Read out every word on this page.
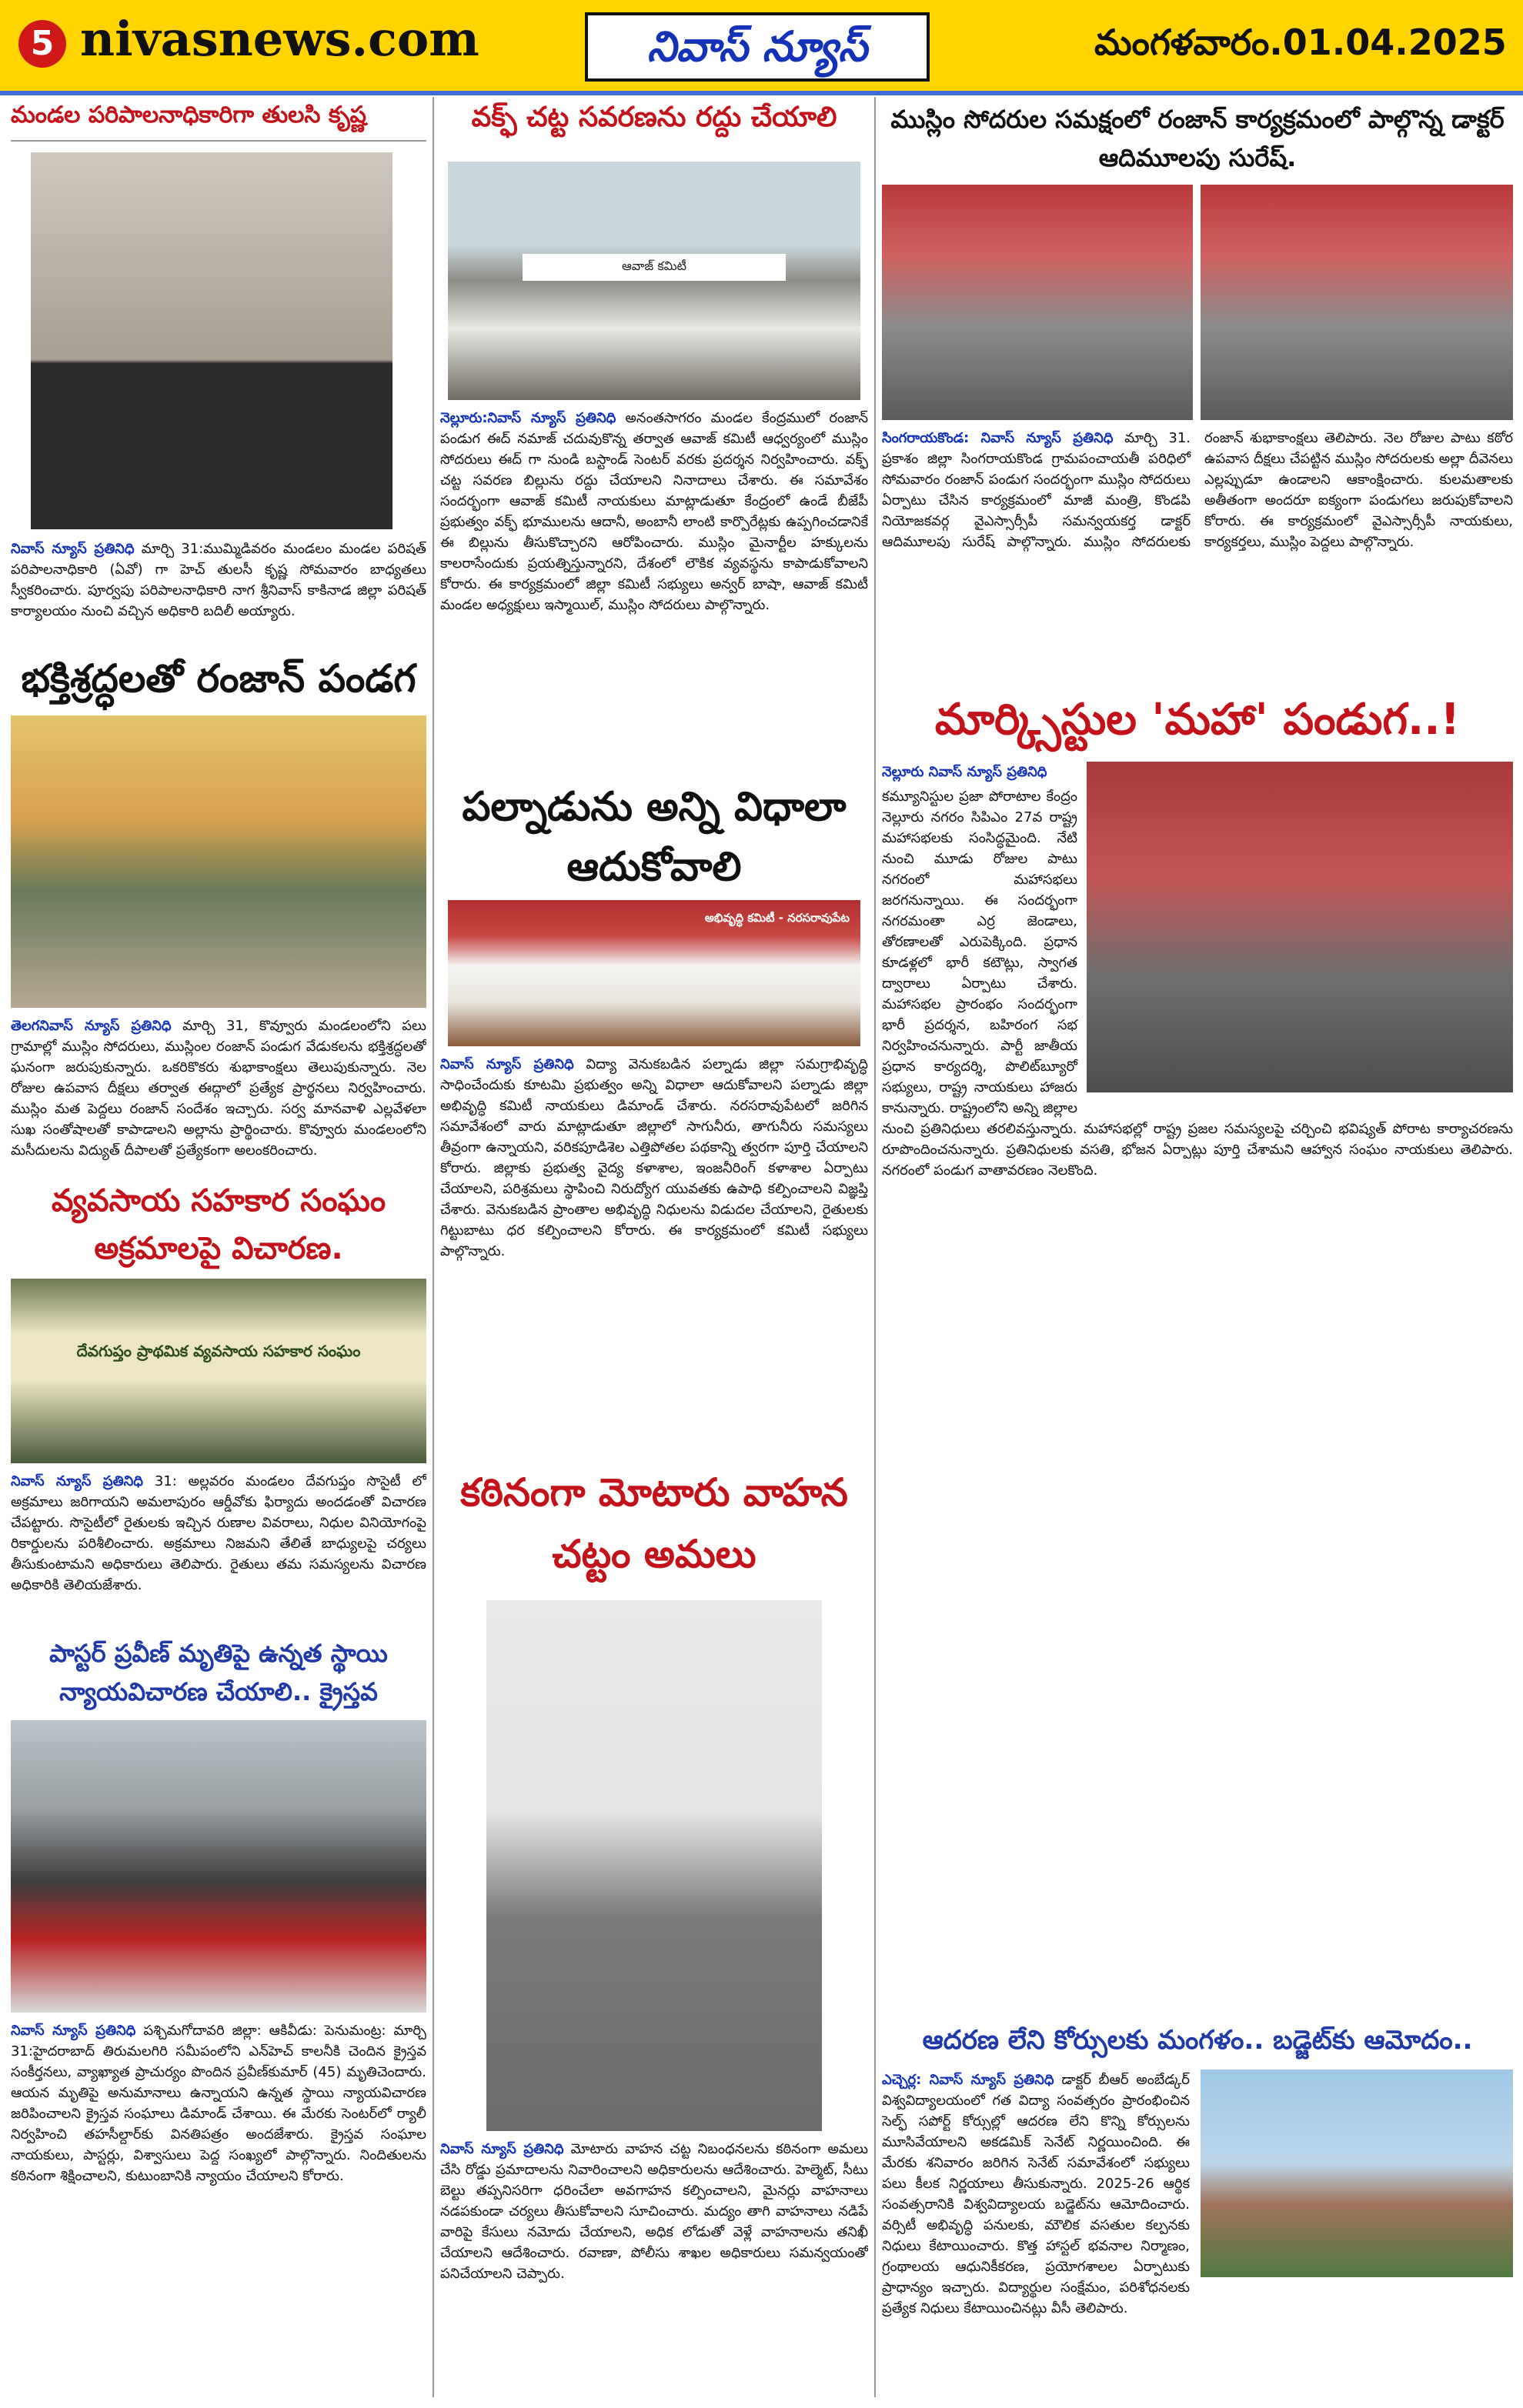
5 nivasnews.com	నివాస్ న్యూస్	మంగళవారం.01.04.2025
మండల పరిపాలనాధికారిగా తులసి కృష్ణ
నివాస్ న్యూస్ ప్రతినిధి మార్చి 31:ముమ్మిడివరం మండలం మండల పరిషత్ పరిపాలనాధికారి (ఏవో) గా హెచ్ తులసీ కృష్ణ సోమవారం బాధ్యతలు స్వీకరించారు. పూర్వపు పరిపాలనాధికారి నాగ శ్రీనివాస్ కాకినాడ జిల్లా పరిషత్ కార్యాలయం నుంచి వచ్చిన అధికారి బదిలీ అయ్యారు.
భక్తిశ్రద్ధలతో రంజాన్ పండగ
తెలగనివాస్ న్యూస్ ప్రతినిధి మార్చి 31, కొవ్వూరు మండలంలోని పలు గ్రామాల్లో ముస్లిం సోదరులు, ముస్లింల రంజాన్ పండుగ వేడుకలను భక్తిశ్రద్ధలతో ఘనంగా జరుపుకున్నారు. ఒకరికొకరు శుభాకాంక్షలు తెలుపుకున్నారు. నెల రోజుల ఉపవాస దీక్షలు తర్వాత ఈద్గాలో ప్రత్యేక ప్రార్థనలు నిర్వహించారు. ముస్లిం మత పెద్దలు రంజాన్ సందేశం ఇచ్చారు. సర్వ మానవాళి ఎల్లవేళలా సుఖ సంతోషాలతో కాపాడాలని అల్లాను ప్రార్థించారు. కొవ్వూరు మండలంలోని మసీదులను విద్యుత్ దీపాలతో ప్రత్యేకంగా అలంకరించారు.
వ్యవసాయ సహకార సంఘం అక్రమాలపై విచారణ.
దేవగుప్తం ప్రాథమిక వ్యవసాయ సహకార సంఘం
నివాస్ న్యూస్ ప్రతినిధి 31: అల్లవరం మండలం దేవగుప్తం సొసైటీ లో అక్రమాలు జరిగాయని అమలాపురం ఆర్డీవోకు ఫిర్యాదు అందడంతో విచారణ చేపట్టారు. సొసైటీలో రైతులకు ఇచ్చిన రుణాల వివరాలు, నిధుల వినియోగంపై రికార్డులను పరిశీలించారు. అక్రమాలు నిజమని తేలితే బాధ్యులపై చర్యలు తీసుకుంటామని అధికారులు తెలిపారు. రైతులు తమ సమస్యలను విచారణ అధికారికి తెలియజేశారు.
పాస్టర్ ప్రవీణ్ మృతిపై ఉన్నత స్థాయి న్యాయవిచారణ చేయాలి.. క్రైస్తవ
నివాస్ న్యూస్ ప్రతినిధి పశ్చిమగోదావరి జిల్లా: ఆకివీడు: పెనుమంట్ర: మార్చి 31:హైదరాబాద్ తిరుమలగిరి సమీపంలోని ఎన్‌హెచ్ కాలనీకి చెందిన క్రైస్తవ సంకీర్తనలు, వ్యాఖ్యాత ప్రాచుర్యం పొందిన ప్రవీణ్‌కుమార్ (45) మృతిచెందారు. ఆయన మృతిపై అనుమానాలు ఉన్నాయని ఉన్నత స్థాయి న్యాయవిచారణ జరిపించాలని క్రైస్తవ సంఘాలు డిమాండ్ చేశాయి. ఈ మేరకు సెంటర్‌లో ర్యాలీ నిర్వహించి తహసీల్దార్‌కు వినతిపత్రం అందజేశారు. క్రైస్తవ సంఘాల నాయకులు, పాస్టర్లు, విశ్వాసులు పెద్ద సంఖ్యలో పాల్గొన్నారు. నిందితులను కఠినంగా శిక్షించాలని, కుటుంబానికి న్యాయం చేయాలని కోరారు.
వక్ఫ్ చట్ట సవరణను రద్దు చేయాలి
ఆవాజ్ కమిటీ
నెల్లూరు:నివాస్ న్యూస్ ప్రతినిధి అనంతసాగరం మండల కేంద్రములో రంజాన్ పండుగ ఈద్ నమాజ్ చదువుకొన్న తర్వాత ఆవాజ్ కమిటీ ఆధ్వర్యంలో ముస్లిం సోదరులు ఈద్ గా నుండి బస్టాండ్ సెంటర్ వరకు ప్రదర్శన నిర్వహించారు. వక్ఫ్ చట్ట సవరణ బిల్లును రద్దు చేయాలని నినాదాలు చేశారు. ఈ సమావేశం సందర్భంగా ఆవాజ్ కమిటీ నాయకులు మాట్లాడుతూ కేంద్రంలో ఉండే బీజేపీ ప్రభుత్వం వక్ఫ్ భూములను ఆదానీ, అంబానీ లాంటి కార్పొరేట్లకు ఉప్పగించడానికే ఈ బిల్లును తీసుకొచ్చారని ఆరోపించారు. ముస్లిం మైనార్టీల హక్కులను కాలరాసేందుకు ప్రయత్నిస్తున్నారని, దేశంలో లౌకిక వ్యవస్థను కాపాడుకోవాలని కోరారు. ఈ కార్యక్రమంలో జిల్లా కమిటీ సభ్యులు అన్వర్ బాషా, ఆవాజ్ కమిటీ మండల అధ్యక్షులు ఇస్మాయిల్, ముస్లిం సోదరులు పాల్గొన్నారు.
పల్నాడును అన్ని విధాలా ఆదుకోవాలి
అభివృద్ధి కమిటీ - నరసరావుపేట
నివాస్ న్యూస్ ప్రతినిధి విద్యా వెనుకబడిన పల్నాడు జిల్లా సమగ్రాభివృద్ధి సాధించేందుకు కూటమి ప్రభుత్వం అన్ని విధాలా ఆదుకోవాలని పల్నాడు జిల్లా అభివృద్ధి కమిటీ నాయకులు డిమాండ్ చేశారు. నరసరావుపేటలో జరిగిన సమావేశంలో వారు మాట్లాడుతూ జిల్లాలో సాగునీరు, తాగునీరు సమస్యలు తీవ్రంగా ఉన్నాయని, వరికపూడిశెల ఎత్తిపోతల పథకాన్ని త్వరగా పూర్తి చేయాలని కోరారు. జిల్లాకు ప్రభుత్వ వైద్య కళాశాల, ఇంజనీరింగ్ కళాశాల ఏర్పాటు చేయాలని, పరిశ్రమలు స్థాపించి నిరుద్యోగ యువతకు ఉపాధి కల్పించాలని విజ్ఞప్తి చేశారు. వెనుకబడిన ప్రాంతాల అభివృద్ధి నిధులను విడుదల చేయాలని, రైతులకు గిట్టుబాటు ధర కల్పించాలని కోరారు. ఈ కార్యక్రమంలో కమిటీ సభ్యులు పాల్గొన్నారు.
కఠినంగా మోటారు వాహన చట్టం అమలు
నివాస్ న్యూస్ ప్రతినిధి మోటారు వాహన చట్ట నిబంధనలను కఠినంగా అమలు చేసి రోడ్డు ప్రమాదాలను నివారించాలని అధికారులను ఆదేశించారు. హెల్మెట్, సీటు బెల్టు తప్పనిసరిగా ధరించేలా అవగాహన కల్పించాలని, మైనర్లు వాహనాలు నడపకుండా చర్యలు తీసుకోవాలని సూచించారు. మద్యం తాగి వాహనాలు నడిపే వారిపై కేసులు నమోదు చేయాలని, అధిక లోడుతో వెళ్లే వాహనాలను తనిఖీ చేయాలని ఆదేశించారు. రవాణా, పోలీసు శాఖల అధికారులు సమన్వయంతో పనిచేయాలని చెప్పారు.
ముస్లిం సోదరుల సమక్షంలో రంజాన్ కార్యక్రమంలో పాల్గొన్న డాక్టర్ ఆదిమూలపు సురేష్.
సింగరాయకొండ: నివాస్ న్యూస్ ప్రతినిధి మార్చి 31. ప్రకాశం జిల్లా సింగరాయకొండ గ్రామపంచాయతీ పరిధిలో సోమవారం రంజాన్ పండుగ సందర్భంగా ముస్లిం సోదరులు ఏర్పాటు చేసిన కార్యక్రమంలో మాజీ మంత్రి, కొండపి నియోజకవర్గ వైఎస్సార్సీపీ సమన్వయకర్త డాక్టర్ ఆదిమూలపు సురేష్ పాల్గొన్నారు. ముస్లిం సోదరులకు రంజాన్ శుభాకాంక్షలు తెలిపారు. నెల రోజుల పాటు కఠోర ఉపవాస దీక్షలు చేపట్టిన ముస్లిం సోదరులకు అల్లా దీవెనలు ఎల్లప్పుడూ ఉండాలని ఆకాంక్షించారు. కులమతాలకు అతీతంగా అందరూ ఐక్యంగా పండుగలు జరుపుకోవాలని కోరారు. ఈ కార్యక్రమంలో వైఎస్సార్సీపీ నాయకులు, కార్యకర్తలు, ముస్లిం పెద్దలు పాల్గొన్నారు.
మార్క్సిస్టుల 'మహా' పండుగ..!
నెల్లూరు నివాస్ న్యూస్ ప్రతినిధి
కమ్యూనిస్టుల ప్రజా పోరాటాల కేంద్రం నెల్లూరు నగరం సిపిఎం 27వ రాష్ట్ర మహాసభలకు సంసిద్ధమైంది. నేటి నుంచి మూడు రోజుల పాటు నగరంలో మహాసభలు జరగనున్నాయి. ఈ సందర్భంగా నగరమంతా ఎర్ర జెండాలు, తోరణాలతో ఎరుపెక్కింది. ప్రధాన కూడళ్లలో భారీ కటౌట్లు, స్వాగత ద్వారాలు ఏర్పాటు చేశారు. మహాసభల ప్రారంభం సందర్భంగా భారీ ప్రదర్శన, బహిరంగ సభ నిర్వహించనున్నారు. పార్టీ జాతీయ ప్రధాన కార్యదర్శి, పొలిట్‌బ్యూరో సభ్యులు, రాష్ట్ర నాయకులు హాజరు కానున్నారు. రాష్ట్రంలోని అన్ని జిల్లాల నుంచి ప్రతినిధులు తరలివస్తున్నారు. మహాసభల్లో రాష్ట్ర ప్రజల సమస్యలపై చర్చించి భవిష్యత్ పోరాట కార్యాచరణను రూపొందించనున్నారు. ప్రతినిధులకు వసతి, భోజన ఏర్పాట్లు పూర్తి చేశామని ఆహ్వాన సంఘం నాయకులు తెలిపారు. నగరంలో పండుగ వాతావరణం నెలకొంది.
ఆదరణ లేని కోర్సులకు మంగళం.. బడ్జెట్‌కు ఆమోదం..
ఎచ్చెర్ల: నివాస్ న్యూస్ ప్రతినిధి డాక్టర్ బీఆర్ అంబేడ్కర్ విశ్వవిద్యాలయంలో గత విద్యా సంవత్సరం ప్రారంభించిన సెల్ఫ్ సపోర్ట్ కోర్సుల్లో ఆదరణ లేని కొన్ని కోర్సులను మూసివేయాలని అకడమిక్ సెనేట్ నిర్ణయించింది. ఈ మేరకు శనివారం జరిగిన సెనేట్ సమావేశంలో సభ్యులు పలు కీలక నిర్ణయాలు తీసుకున్నారు. 2025-26 ఆర్థిక సంవత్సరానికి విశ్వవిద్యాలయ బడ్జెట్‌ను ఆమోదించారు. వర్సిటీ అభివృద్ధి పనులకు, మౌలిక వసతుల కల్పనకు నిధులు కేటాయించారు. కొత్త హాస్టల్ భవనాల నిర్మాణం, గ్రంథాలయ ఆధునికీకరణ, ప్రయోగశాలల ఏర్పాటుకు ప్రాధాన్యం ఇచ్చారు. విద్యార్థుల సంక్షేమం, పరిశోధనలకు ప్రత్యేక నిధులు కేటాయించినట్లు వీసీ తెలిపారు.
